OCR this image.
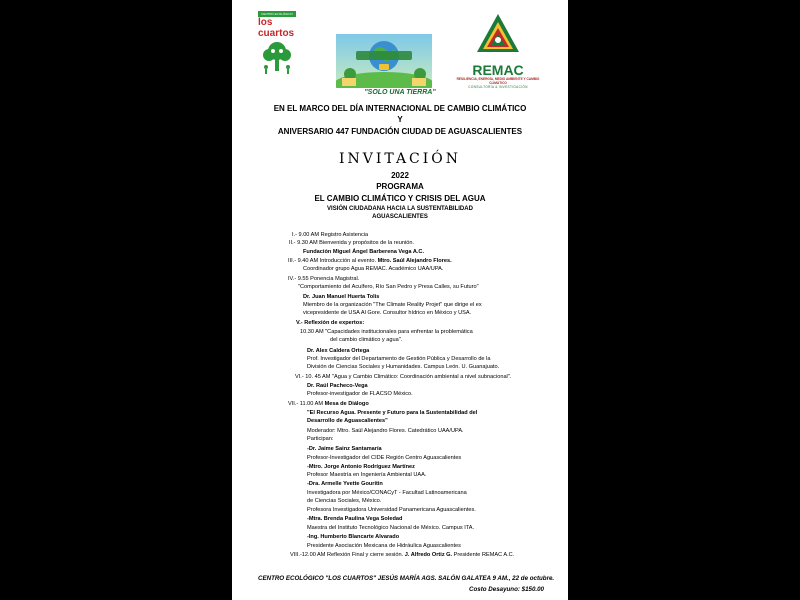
CENTRO ECOLÓGICO
los
cuartos
REMAC
RESILIENCIA, ENERGÍA, MEDIO AMBIENTE Y CAMBIO CLIMÁTICO
CONSULTORÍA & INVESTIGACIÓN
"SOLO UNA TIERRA"
EN EL MARCO DEL DÍA INTERNACIONAL DE CAMBIO CLIMÁTICO
Y
ANIVERSARIO 447 FUNDACIÓN CIUDAD DE AGUASCALIENTES
INVITACIÓN
2022
PROGRAMA
EL CAMBIO CLIMÁTICO Y CRISIS DEL AGUA
VISIÓN CIUDADANA HACIA LA SUSTENTABILIDAD
AGUASCALIENTES
I.- 9.00 AM Registro Asistencia
II.- 9.30 AM Bienvenida y propósitos de la reunión.
Fundación Miguel Ángel Barberena Vega A.C.
III.- 9.40 AM Introducción al evento. Mtro. Saúl Alejandro Flores.
Coordinador grupo Agua REMAC. Académico UAA/UPA.
IV.- 9.55 Ponencia Magistral.
"Comportamiento del Acuífero, Río San Pedro y Presa Calles, su Futuro"
Dr. Juan Manuel Huerta Tolis
Miembro de la organización "The Climate Reality Projet" que dirige el ex
vicepresidente de USA Al Gore. Consultor hídrico en México y USA.
V.- Reflexión de expertos:
10.30 AM "Capacidades institucionales para enfrentar la problemática
del cambio climático y agua".
Dr. Alex Caldera Ortega
Prof. Investigador del Departamento de Gestión Pública y Desarrollo de la
División de Ciencias Sociales y Humanidades. Campus León. U. Guanajuato.
VI.- 10. 45 AM "Agua y Cambio Climático: Coordinación ambiental a nivel subnacional".
Dr. Raúl Pacheco-Vega
Profesor-investigador de FLACSO México.
VII.- 11.00 AM Mesa de Diálogo
"El Recurso Agua. Presente y Futuro para la Sustentabilidad del
Desarrollo de Aguascalientes"
Moderador: Mtro. Saúl Alejandro Flores. Catedrático UAA/UPA.
Participan:
-Dr. Jaime Sainz Santamaría
Profesor-Investigador del CIDE Región Centro Aguascalientes
-Mtro. Jorge Antonio Rodríguez Martínez
Profesor Maestría en Ingeniería Ambiental UAA.
-Dra. Armelle Yvette Gouritin
Investigadora por México/CONACyT - Facultad Latinoamericana
de Ciencias Sociales, México.
Profesora Investigadora Universidad Panamericana Aguascalientes.
-Mtra. Brenda Paulina Vega Soledad
Maestra del Instituto Tecnológico Nacional de México. Campus ITA.
-Ing. Humberto Blancarte Alvarado
Presidente Asociación Mexicana de Hidráulica Aguascalientes
VIII.-12.00 AM Reflexión Final y cierre sesión. J. Alfredo Ortiz G. Presidente REMAC A.C.
CENTRO ECOLÓGICO "LOS CUARTOS" JESÚS MARÍA AGS. SALÓN GALATEA 9 AM., 22 de octubre.
Costo Desayuno: $150.00
